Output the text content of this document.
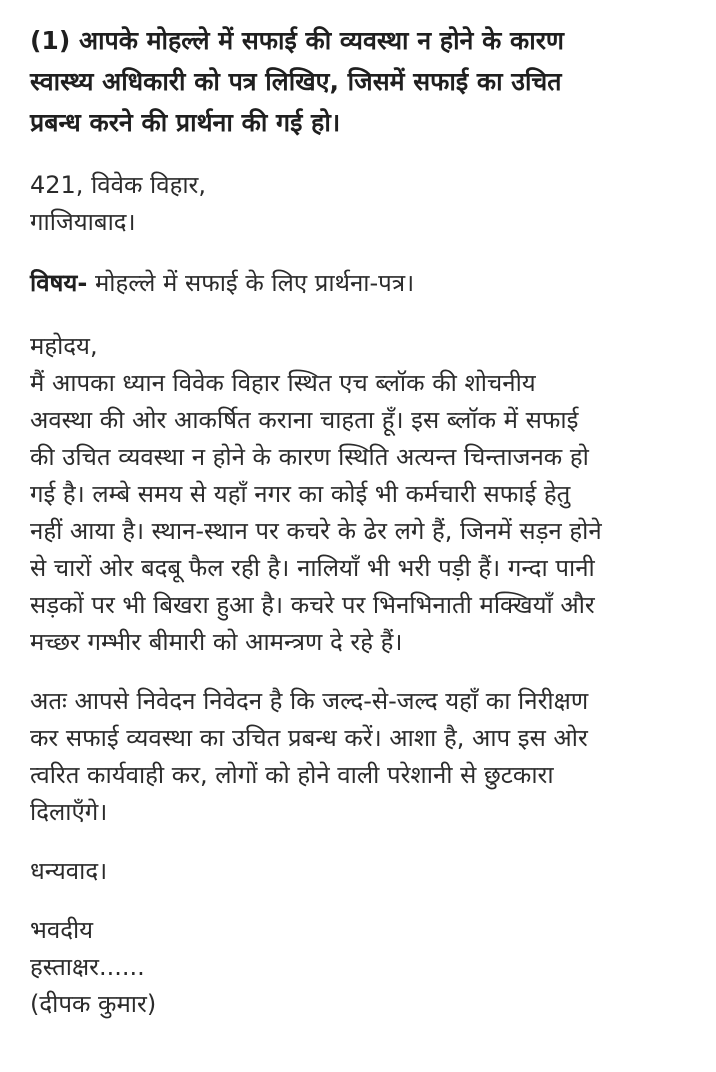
(1) आपके मोहल्ले में सफाई की व्यवस्था न होने के कारण
स्वास्थ्य अधिकारी को पत्र लिखिए, जिसमें सफाई का उचित
प्रबन्ध करने की प्रार्थना की गई हो।
421, विवेक विहार,
गाजियाबाद।
विषय- मोहल्ले में सफाई के लिए प्रार्थना-पत्र।
महोदय,
मैं आपका ध्यान विवेक विहार स्थित एच ब्लॉक की शोचनीय
अवस्था की ओर आकर्षित कराना चाहता हूँ। इस ब्लॉक में सफाई
की उचित व्यवस्था न होने के कारण स्थिति अत्यन्त चिन्ताजनक हो
गई है। लम्बे समय से यहाँ नगर का कोई भी कर्मचारी सफाई हेतु
नहीं आया है। स्थान-स्थान पर कचरे के ढेर लगे हैं, जिनमें सड़न होने
से चारों ओर बदबू फैल रही है। नालियाँ भी भरी पड़ी हैं। गन्दा पानी
सड़कों पर भी बिखरा हुआ है। कचरे पर भिनभिनाती मक्खियाँ और
मच्छर गम्भीर बीमारी को आमन्त्रण दे रहे हैं।
अतः आपसे निवेदन निवेदन है कि जल्द-से-जल्द यहाँ का निरीक्षण
कर सफाई व्यवस्था का उचित प्रबन्ध करें। आशा है, आप इस ओर
त्वरित कार्यवाही कर, लोगों को होने वाली परेशानी से छुटकारा
दिलाएँगे।
धन्यवाद।
भवदीय
हस्ताक्षर......
(दीपक कुमार)
